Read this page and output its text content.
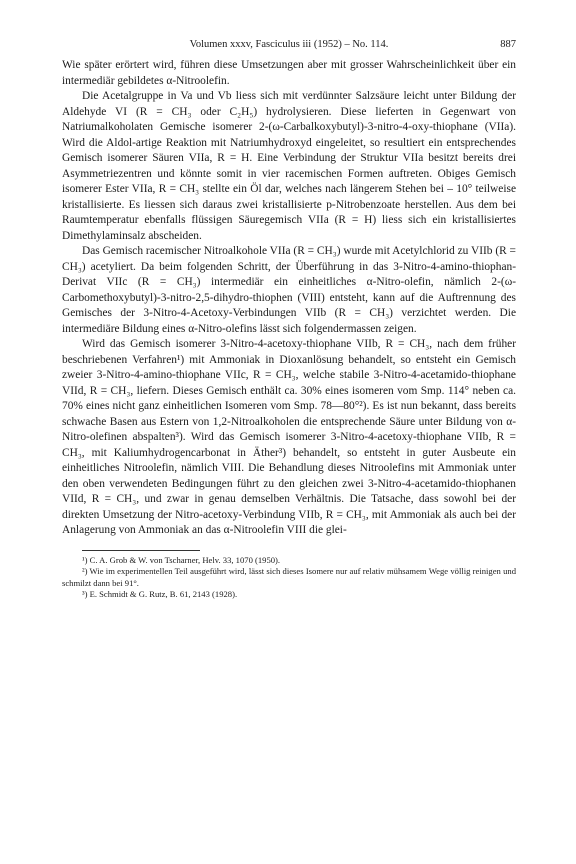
Volumen xxxv, Fasciculus iii (1952) – No. 114.	887

Wie später erörtert wird, führen diese Umsetzungen aber mit grosser Wahrscheinlichkeit über ein intermediär gebildetes α-Nitroolefin.

Die Acetalgruppe in Va und Vb liess sich mit verdünnter Salzsäure leicht unter Bildung der Aldehyde VI (R = CH₃ oder C₂H₅) hydrolysieren. Diese lieferten in Gegenwart von Natriumalkoholaten Gemische isomerer 2-(ω-Carbalkoxybutyl)-3-nitro-4-oxy-thiophane (VIIa). Wird die Aldol-artige Reaktion mit Natriumhydroxyd eingeleitet, so resultiert ein entsprechendes Gemisch isomerer Säuren VIIa, R = H. Eine Verbindung der Struktur VIIa besitzt bereits drei Asymmetriezentren und könnte somit in vier racemischen Formen auftreten. Obiges Gemisch isomerer Ester VIIa, R = CH₃ stellte ein Öl dar, welches nach längerem Stehen bei – 10° teilweise kristallisierte. Es liessen sich daraus zwei kristallisierte p-Nitrobenzoate herstellen. Aus dem bei Raumtemperatur ebenfalls flüssigen Säuregemisch VIIa (R = H) liess sich ein kristallisiertes Dimethylaminsalz abscheiden.

Das Gemisch racemischer Nitroalkohole VIIa (R = CH₃) wurde mit Acetylchlorid zu VIIb (R = CH₃) acetyliert. Da beim folgenden Schritt, der Überführung in das 3-Nitro-4-amino-thiophan-Derivat VIIc (R = CH₃) intermediär ein einheitliches α-Nitro-olefin, nämlich 2-(ω-Carbomethoxybutyl)-3-nitro-2,5-dihydro-thiophen (VIII) entsteht, kann auf die Auftrennung des Gemisches der 3-Nitro-4-Acetoxy-Verbindungen VIIb (R = CH₃) verzichtet werden. Die intermediäre Bildung eines α-Nitro-olefins lässt sich folgendermassen zeigen.

Wird das Gemisch isomerer 3-Nitro-4-acetoxy-thiophane VIIb, R = CH₃, nach dem früher beschriebenen Verfahren¹) mit Ammoniak in Dioxanlösung behandelt, so entsteht ein Gemisch zweier 3-Nitro-4-amino-thiophane VIIc, R = CH₃, welche stabile 3-Nitro-4-acetamido-thiophane VIId, R = CH₃, liefern. Dieses Gemisch enthält ca. 30% eines isomeren vom Smp. 114° neben ca. 70% eines nicht ganz einheitlichen Isomeren vom Smp. 78—80°²). Es ist nun bekannt, dass bereits schwache Basen aus Estern von 1,2-Nitroalkoholen die entsprechende Säure unter Bildung von α-Nitro-olefinen abspalten³). Wird das Gemisch isomerer 3-Nitro-4-acetoxy-thiophane VIIb, R = CH₃, mit Kaliumhydrogencarbonat in Äther³) behandelt, so entsteht in guter Ausbeute ein einheitliches Nitroolefin, nämlich VIII. Die Behandlung dieses Nitroolefins mit Ammoniak unter den oben verwendeten Bedingungen führt zu den gleichen zwei 3-Nitro-4-acetamido-thiophanen VIId, R = CH₃, und zwar in genau demselben Verhältnis. Die Tatsache, dass sowohl bei der direkten Umsetzung der Nitro-acetoxy-Verbindung VIIb, R = CH₃, mit Ammoniak als auch bei der Anlagerung von Ammoniak an das α-Nitroolefin VIII die glei-

¹) C. A. Grob & W. von Tscharner, Helv. 33, 1070 (1950).
²) Wie im experimentellen Teil ausgeführt wird, lässt sich dieses Isomere nur auf relativ mühsamem Wege völlig reinigen und schmilzt dann bei 91°.
³) E. Schmidt & G. Rutz, B. 61, 2143 (1928).
